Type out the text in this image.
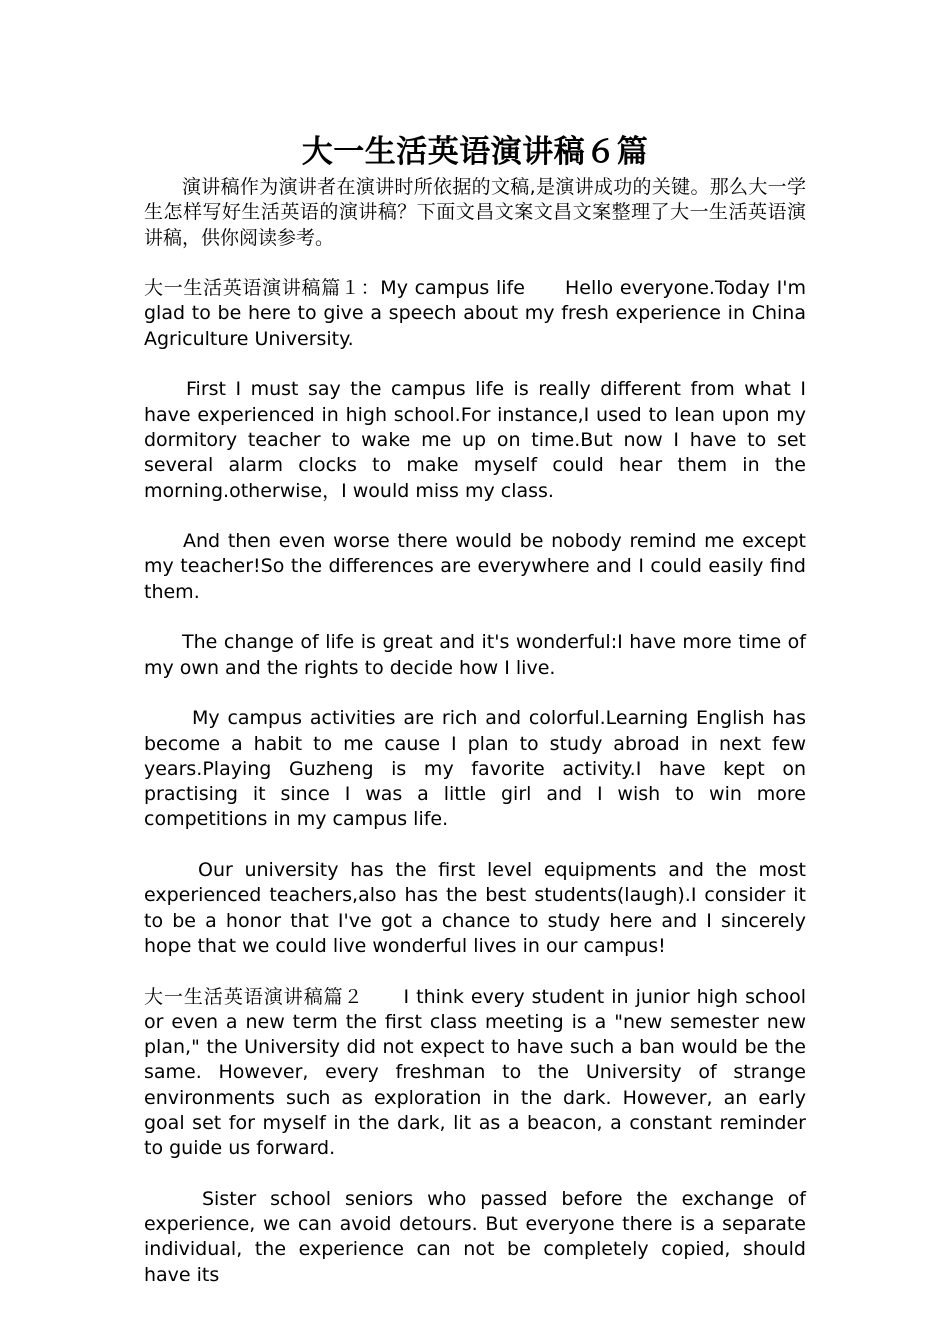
大一生活英语演讲稿６篇

演讲稿作为演讲者在演讲时所依据的文稿,是演讲成功的关键。那么大一学生怎样写好生活英语的演讲稿？下面文昌文案文昌文案整理了大一生活英语演讲稿，供你阅读参考。

大一生活英语演讲稿篇１：My campus life　　Hello everyone.Today I'm glad to be here to give a speech about my fresh experience in China Agriculture University.

First I must say the campus life is really different from what I have experienced in high school.For instance,I used to lean upon my dormitory teacher to wake me up on time.But now I have to set several alarm clocks to make myself could hear them in the morning.otherwise，I would miss my class.

And then even worse there would be nobody remind me except my teacher!So the differences are everywhere and I could easily find them.

The change of life is great and it's wonderful:I have more time of my own and the rights to decide how I live.

My campus activities are rich and colorful.Learning English has become a habit to me cause I plan to study abroad in next few years.Playing Guzheng is my favorite activity.I have kept on practising it since I was a little girl and I wish to win more competitions in my campus life.

Our university has the first level equipments and the most experienced teachers,also has the best students(laugh).I consider it to be a honor that I've got a chance to study here and I sincerely hope that we could live wonderful lives in our campus!

大一生活英语演讲稿篇２　　I think every student in junior high school or even a new term the first class meeting is a "new semester new plan," the University did not expect to have such a ban would be the same. However, every freshman to the University of strange environments such as exploration in the dark. However, an early goal set for myself in the dark, lit as a beacon, a constant reminder to guide us forward.

Sister school seniors who passed before the exchange of experience, we can avoid detours. But everyone there is a separate individual, the experience can not be completely copied, should have its
